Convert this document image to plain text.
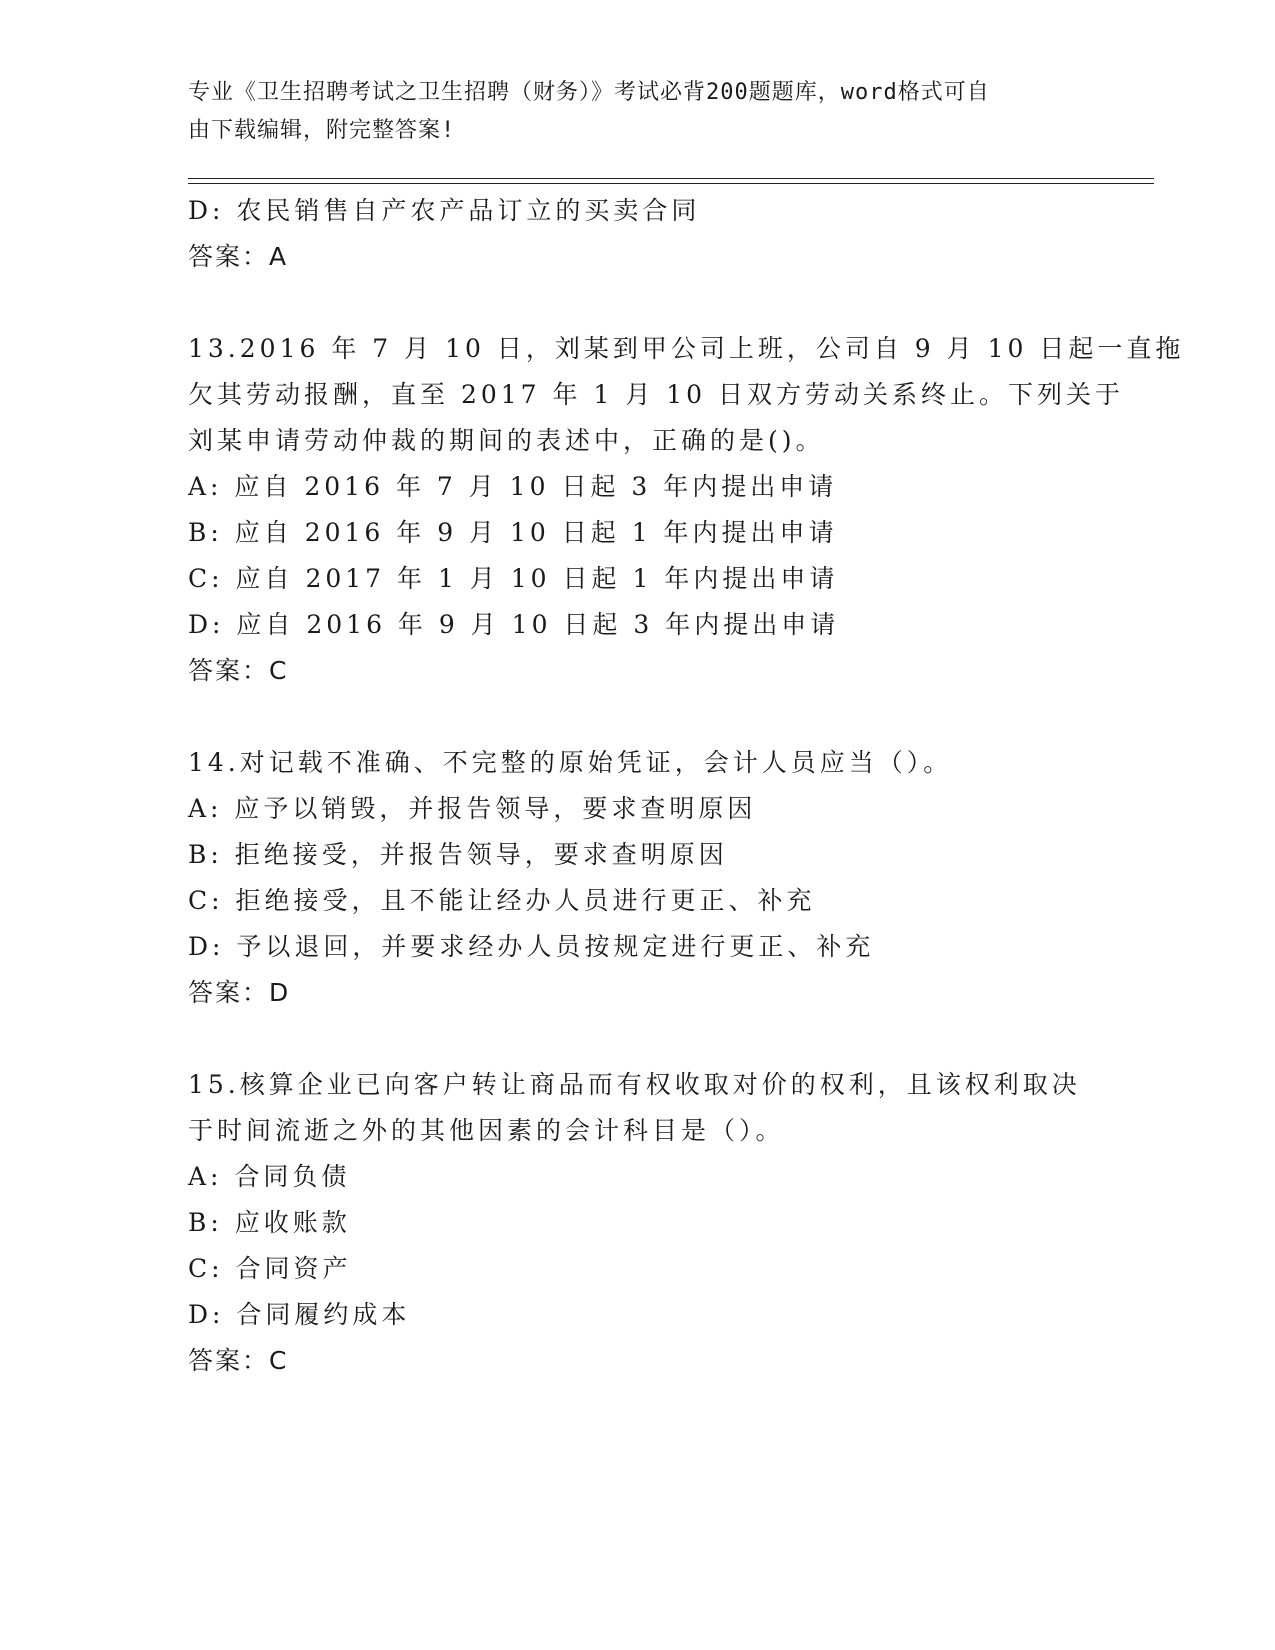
专业《卫生招聘考试之卫生招聘（财务）》考试必背200题题库，word格式可自
由下载编辑，附完整答案!
D: 农民销售自产农产品订立的买卖合同
答案：A
13.2016 年 7 月 10 日，刘某到甲公司上班，公司自 9 月 10 日起一直拖
欠其劳动报酬，直至 2017 年 1 月 10 日双方劳动关系终止。下列关于
刘某申请劳动仲裁的期间的表述中，正确的是()。
A: 应自 2016 年 7 月 10 日起 3 年内提出申请
B: 应自 2016 年 9 月 10 日起 1 年内提出申请
C: 应自 2017 年 1 月 10 日起 1 年内提出申请
D: 应自 2016 年 9 月 10 日起 3 年内提出申请
答案：C
14.对记载不准确、不完整的原始凭证，会计人员应当（）。
A: 应予以销毁，并报告领导，要求查明原因
B: 拒绝接受，并报告领导，要求查明原因
C: 拒绝接受，且不能让经办人员进行更正、补充
D: 予以退回，并要求经办人员按规定进行更正、补充
答案：D
15.核算企业已向客户转让商品而有权收取对价的权利，且该权利取决
于时间流逝之外的其他因素的会计科目是（）。
A: 合同负债
B: 应收账款
C: 合同资产
D: 合同履约成本
答案：C
